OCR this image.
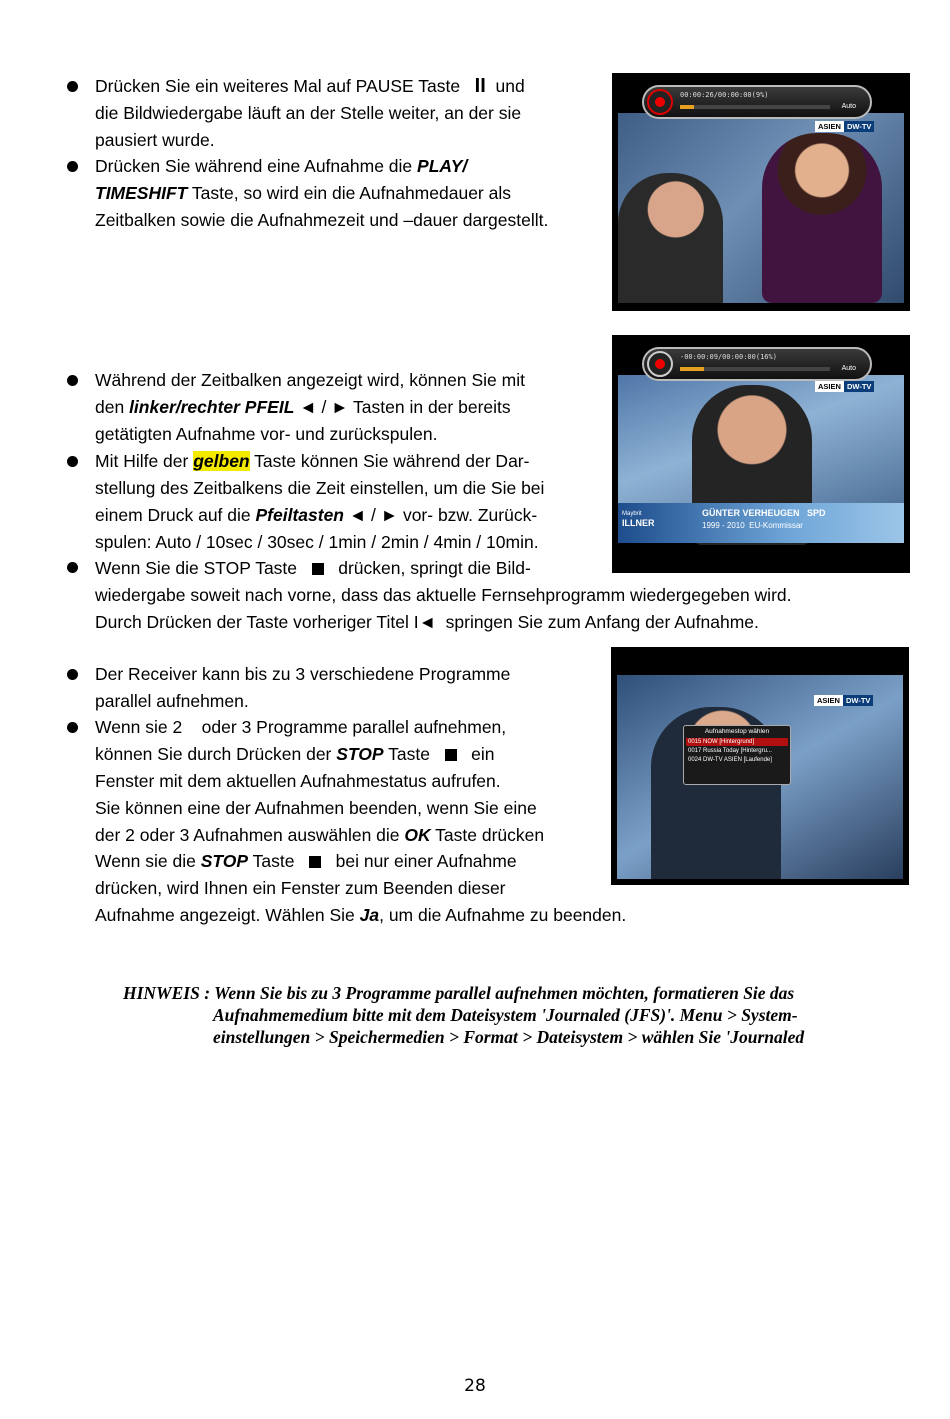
Drücken Sie ein weiteres Mal auf PAUSE Taste II und
die Bildwiedergabe läuft an der Stelle weiter, an der sie
pausiert wurde.
Drücken Sie während eine Aufnahme die PLAY/
TIMESHIFT Taste, so wird ein die Aufnahmedauer als
Zeitbalken sowie die Aufnahmezeit und –dauer dargestellt.
00:00:26/00:00:00(9%)
Auto
ASIEN DW-TV
Während der Zeitbalken angezeigt wird, können Sie mit
den linker/rechter PFEIL ◄ / ► Tasten in der bereits
getätigten Aufnahme vor- und zurückspulen.
Mit Hilfe der gelben Taste können Sie während der Dar-
stellung des Zeitbalkens die Zeit einstellen, um die Sie bei
einem Druck auf die Pfeiltasten ◄ / ► vor- bzw. Zurück-
spulen: Auto / 10sec / 30sec / 1min / 2min / 4min / 10min.
Wenn Sie die STOP Taste drücken, springt die Bild-
wiedergabe soweit nach vorne, dass das aktuelle Fernsehprogramm wiedergegeben wird.
Durch Drücken der Taste vorheriger Titel I◄ springen Sie zum Anfang der Aufnahme.
-00:00:09/00:00:00(16%)
Auto
ASIEN DW-TV
Maybrit
ILLNER
GÜNTER VERHEUGEN   SPD
1999 - 2010  EU-Kommissar
Der Receiver kann bis zu 3 verschiedene Programme
parallel aufnehmen.
Wenn sie 2    oder 3 Programme parallel aufnehmen,
können Sie durch Drücken der STOP Taste ein
Fenster mit dem aktuellen Aufnahmestatus aufrufen.
Sie können eine der Aufnahmen beenden, wenn Sie eine
der 2 oder 3 Aufnahmen auswählen die OK Taste drücken
Wenn sie die STOP Taste bei nur einer Aufnahme
drücken, wird Ihnen ein Fenster zum Beenden dieser
Aufnahme angezeigt. Wählen Sie Ja, um die Aufnahme zu beenden.
ASIEN DW-TV
Aufnahmestop wählen
0015 NOW [Hintergrund]
0017 Russia Today [Hintergru...
0024 DW-TV ASIEN [Laufende]
HINWEIS : Wenn Sie bis zu 3 Programme parallel aufnehmen möchten, formatieren Sie das
Aufnahmemedium bitte mit dem Dateisystem 'Journaled (JFS)'. Menu > System-
einstellungen > Speichermedien > Format > Dateisystem > wählen Sie 'Journaled
28
